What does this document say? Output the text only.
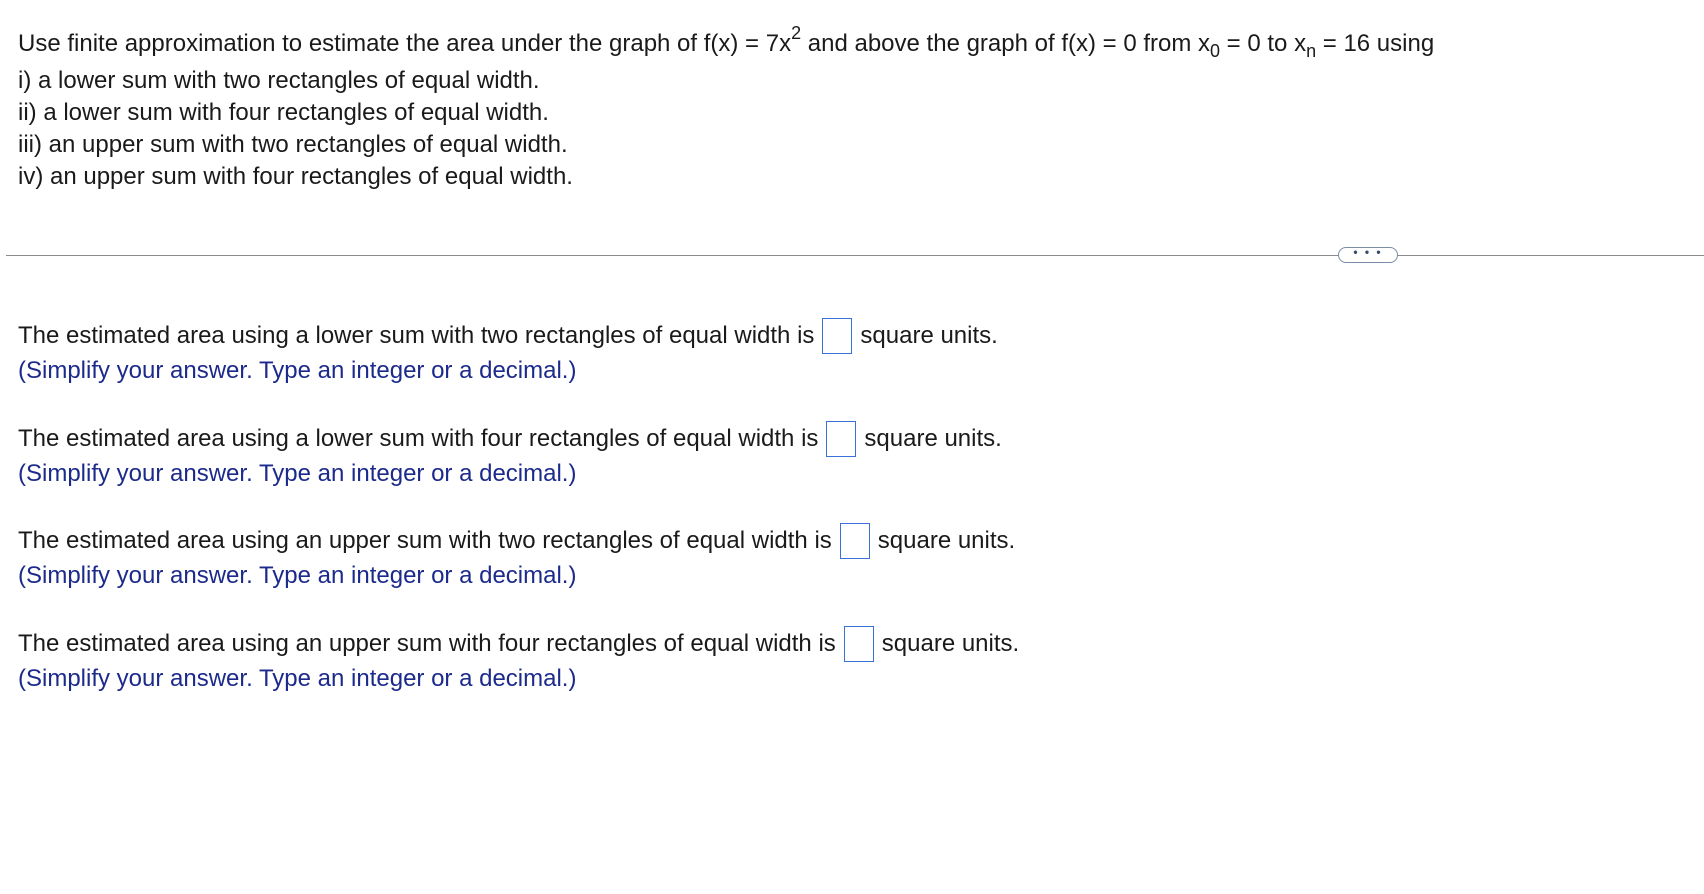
Use finite approximation to estimate the area under the graph of $f(x) = 7x^2$ and above the graph of f(x) = 0 from $x_0 = 0$ to $x_n = 16$ using
i) a lower sum with two rectangles of equal width.
ii) a lower sum with four rectangles of equal width.
iii) an upper sum with two rectangles of equal width.
iv) an upper sum with four rectangles of equal width.
• • •
The estimated area using a lower sum with two rectangles of equal width is square units.
(Simplify your answer. Type an integer or a decimal.)
The estimated area using a lower sum with four rectangles of equal width is square units.
(Simplify your answer. Type an integer or a decimal.)
The estimated area using an upper sum with two rectangles of equal width is square units.
(Simplify your answer. Type an integer or a decimal.)
The estimated area using an upper sum with four rectangles of equal width is square units.
(Simplify your answer. Type an integer or a decimal.)
